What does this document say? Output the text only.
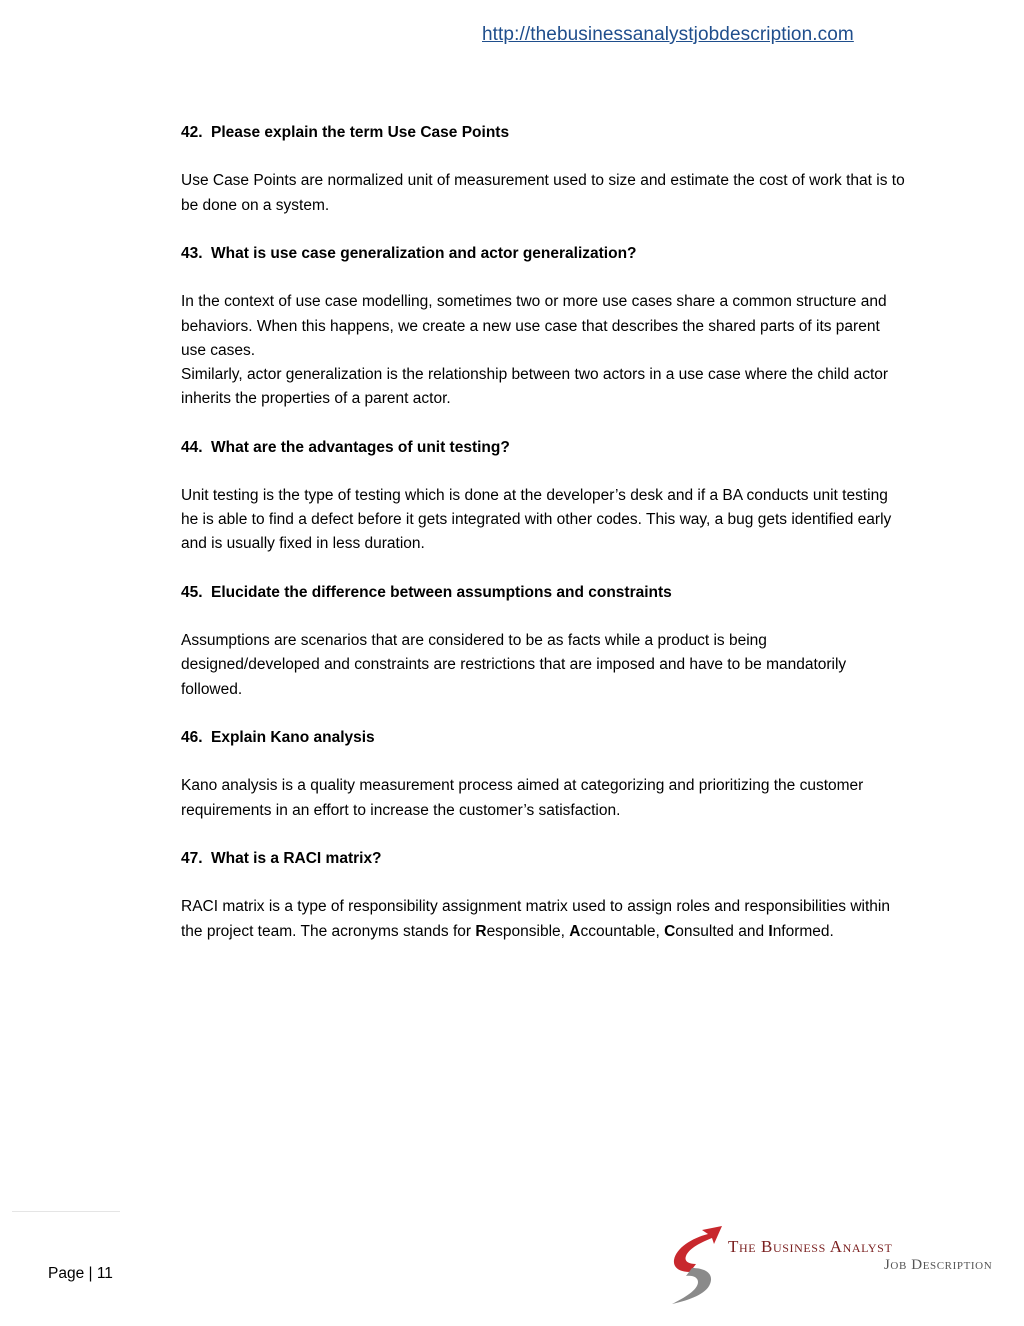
http://thebusinessanalystjobdescription.com

42. Please explain the term Use Case Points

Use Case Points are normalized unit of measurement used to size and estimate the cost of work that is to be done on a system.

43. What is use case generalization and actor generalization?

In the context of use case modelling, sometimes two or more use cases share a common structure and behaviors. When this happens, we create a new use case that describes the shared parts of its parent use cases.

Similarly, actor generalization is the relationship between two actors in a use case where the child actor inherits the properties of a parent actor.

44. What are the advantages of unit testing?

Unit testing is the type of testing which is done at the developer’s desk and if a BA conducts unit testing he is able to find a defect before it gets integrated with other codes. This way, a bug gets identified early and is usually fixed in less duration.

45. Elucidate the difference between assumptions and constraints

Assumptions are scenarios that are considered to be as facts while a product is being designed/developed and constraints are restrictions that are imposed and have to be mandatorily followed.

46. Explain Kano analysis

Kano analysis is a quality measurement process aimed at categorizing and prioritizing the customer requirements in an effort to increase the customer’s satisfaction.

47. What is a RACI matrix?

RACI matrix is a type of responsibility assignment matrix used to assign roles and responsibilities within the project team. The acronyms stands for Responsible, Accountable, Consulted and Informed.

Page | 11
The Business Analyst
Job Description
